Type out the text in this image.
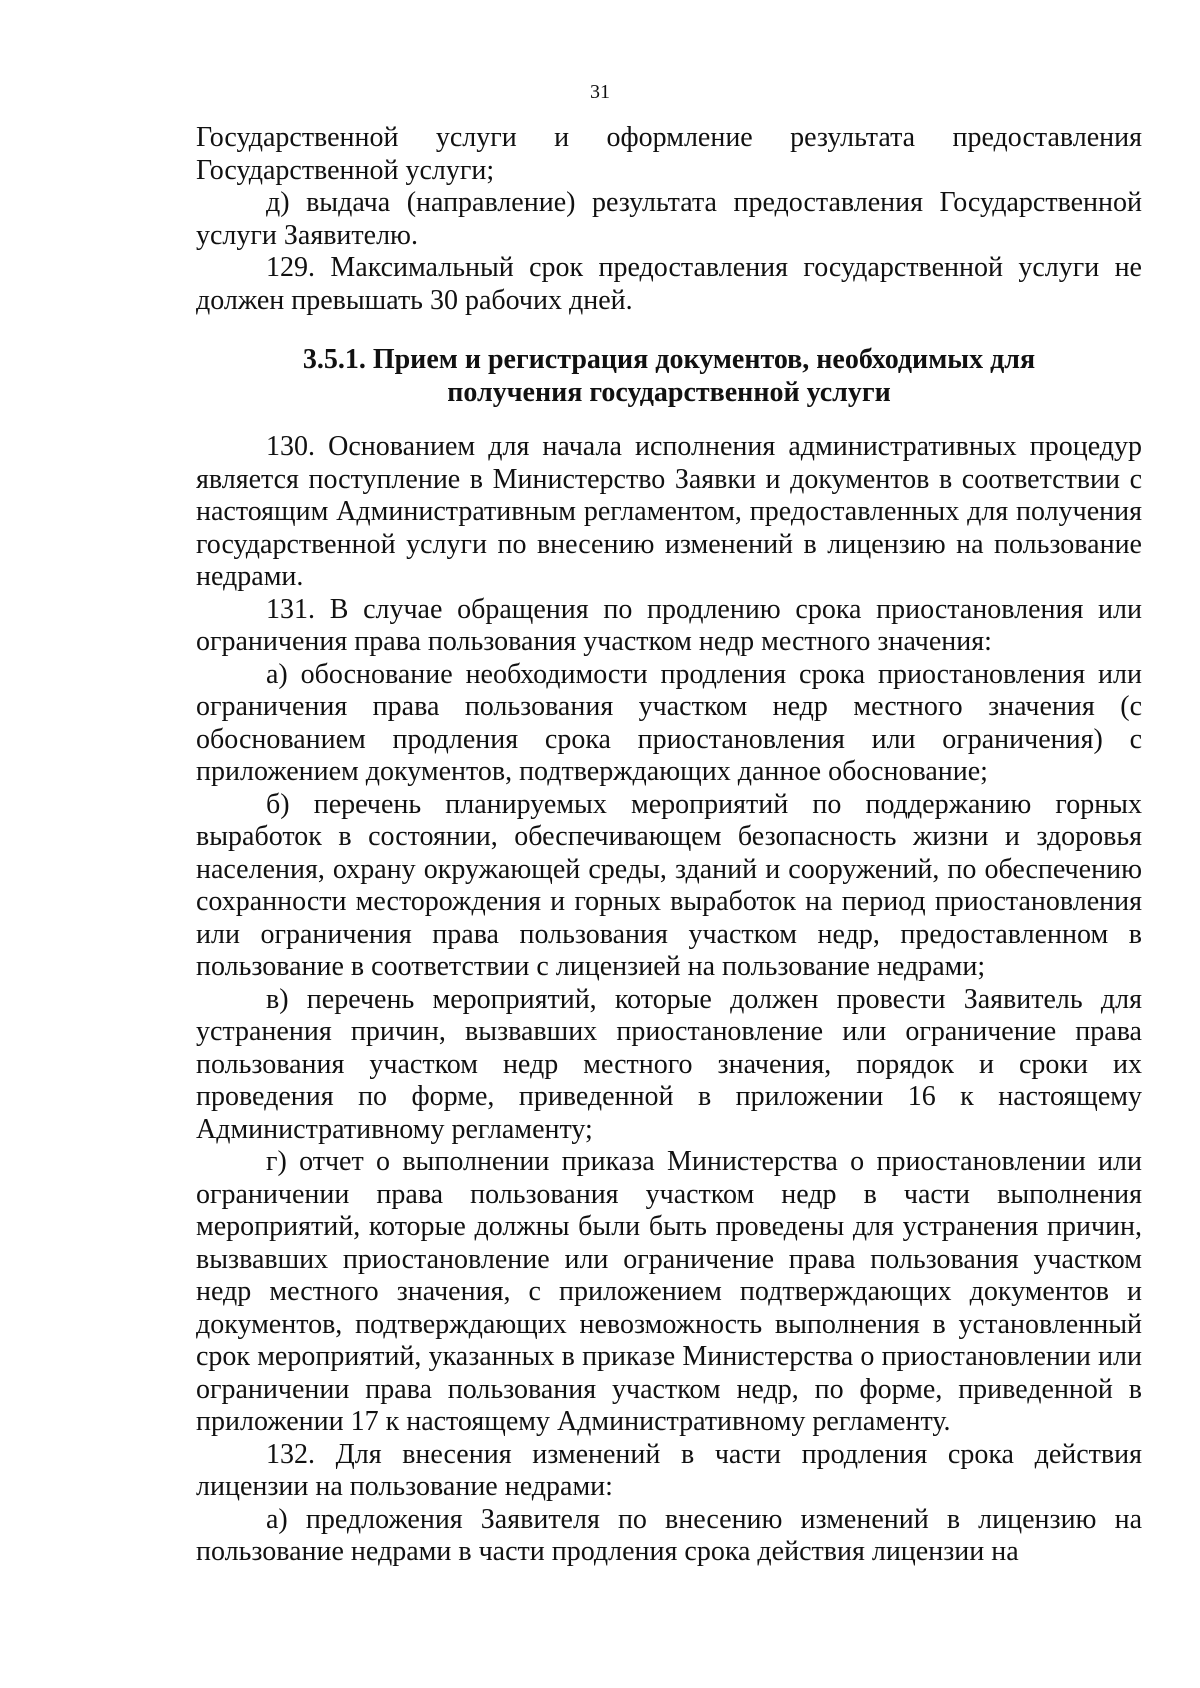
31

Государственной услуги и оформление результата предоставления Государственной услуги;

д) выдача (направление) результата предоставления Государственной услуги Заявителю.

129. Максимальный срок предоставления государственной услуги не должен превышать 30 рабочих дней.

3.5.1. Прием и регистрация документов, необходимых для
получения государственной услуги

130. Основанием для начала исполнения административных процедур является поступление в Министерство Заявки и документов в соответствии с настоящим Административным регламентом, предоставленных для получения государственной услуги по внесению изменений в лицензию на пользование недрами.

131. В случае обращения по продлению срока приостановления или ограничения права пользования участком недр местного значения:

а) обоснование необходимости продления срока приостановления или ограничения права пользования участком недр местного значения (с обоснованием продления срока приостановления или ограничения) с приложением документов, подтверждающих данное обоснование;

б) перечень планируемых мероприятий по поддержанию горных выработок в состоянии, обеспечивающем безопасность жизни и здоровья населения, охрану окружающей среды, зданий и сооружений, по обеспечению сохранности месторождения и горных выработок на период приостановления или ограничения права пользования участком недр, предоставленном в пользование в соответствии с лицензией на пользование недрами;

в) перечень мероприятий, которые должен провести Заявитель для устранения причин, вызвавших приостановление или ограничение права пользования участком недр местного значения, порядок и сроки их проведения по форме, приведенной в приложении 16 к настоящему Административному регламенту;

г) отчет о выполнении приказа Министерства о приостановлении или ограничении права пользования участком недр в части выполнения мероприятий, которые должны были быть проведены для устранения причин, вызвавших приостановление или ограничение права пользования участком недр местного значения, с приложением подтверждающих документов и документов, подтверждающих невозможность выполнения в установленный срок мероприятий, указанных в приказе Министерства о приостановлении или ограничении права пользования участком недр, по форме, приведенной в приложении 17 к настоящему Административному регламенту.

132. Для внесения изменений в части продления срока действия лицензии на пользование недрами:

а) предложения Заявителя по внесению изменений в лицензию на пользование недрами в части продления срока действия лицензии на
